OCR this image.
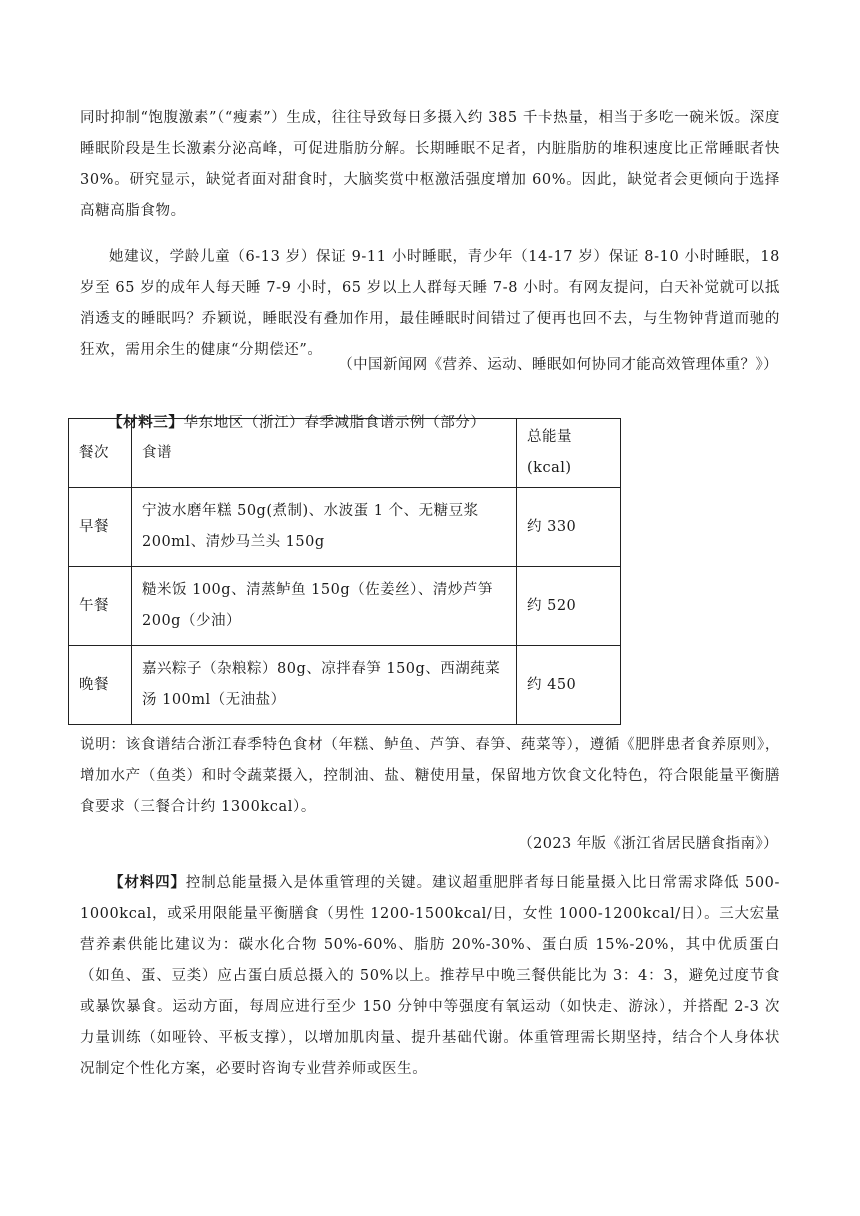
同时抑制“饱腹激素”（“瘦素”）生成，往往导致每日多摄入约 385 千卡热量，相当于多吃一碗米饭。深度睡眠阶段是生长激素分泌高峰，可促进脂肪分解。长期睡眠不足者，内脏脂肪的堆积速度比正常睡眠者快 30%。研究显示，缺觉者面对甜食时，大脑奖赏中枢激活强度增加 60%。因此，缺觉者会更倾向于选择高糖高脂食物。

她建议，学龄儿童（6-13 岁）保证 9-11 小时睡眠，青少年（14-17 岁）保证 8-10 小时睡眠，18 岁至 65 岁的成年人每天睡 7-9 小时，65 岁以上人群每天睡 7-8 小时。有网友提问，白天补觉就可以抵消透支的睡眠吗？乔颖说，睡眠没有叠加作用，最佳睡眠时间错过了便再也回不去，与生物钟背道而驰的狂欢，需用余生的健康“分期偿还”。

（中国新闻网《营养、运动、睡眠如何协同才能高效管理体重？》）

【材料三】华东地区（浙江）春季减脂食谱示例（部分）
餐次	食谱	总能量(kcal)
早餐	宁波水磨年糕 50g(煮制)、水波蛋 1 个、无糖豆浆 200ml、清炒马兰头 150g	约 330
午餐	糙米饭 100g、清蒸鲈鱼 150g（佐姜丝）、清炒芦笋 200g（少油）	约 520
晚餐	嘉兴粽子（杂粮粽）80g、凉拌春笋 150g、西湖莼菜汤 100ml（无油盐）	约 450

说明：该食谱结合浙江春季特色食材（年糕、鲈鱼、芦笋、春笋、莼菜等），遵循《肥胖患者食养原则》，增加水产（鱼类）和时令蔬菜摄入，控制油、盐、糖使用量，保留地方饮食文化特色，符合限能量平衡膳食要求（三餐合计约 1300kcal）。

（2023 年版《浙江省居民膳食指南》）

【材料四】控制总能量摄入是体重管理的关键。建议超重肥胖者每日能量摄入比日常需求降低 500-1000kcal，或采用限能量平衡膳食（男性 1200-1500kcal/日，女性 1000-1200kcal/日）。三大宏量营养素供能比建议为：碳水化合物 50%-60%、脂肪 20%-30%、蛋白质 15%-20%，其中优质蛋白（如鱼、蛋、豆类）应占蛋白质总摄入的 50%以上。推荐早中晚三餐供能比为 3：4：3，避免过度节食或暴饮暴食。运动方面，每周应进行至少 150 分钟中等强度有氧运动（如快走、游泳），并搭配 2-3 次力量训练（如哑铃、平板支撑），以增加肌肉量、提升基础代谢。体重管理需长期坚持，结合个人身体状况制定个性化方案，必要时咨询专业营养师或医生。
